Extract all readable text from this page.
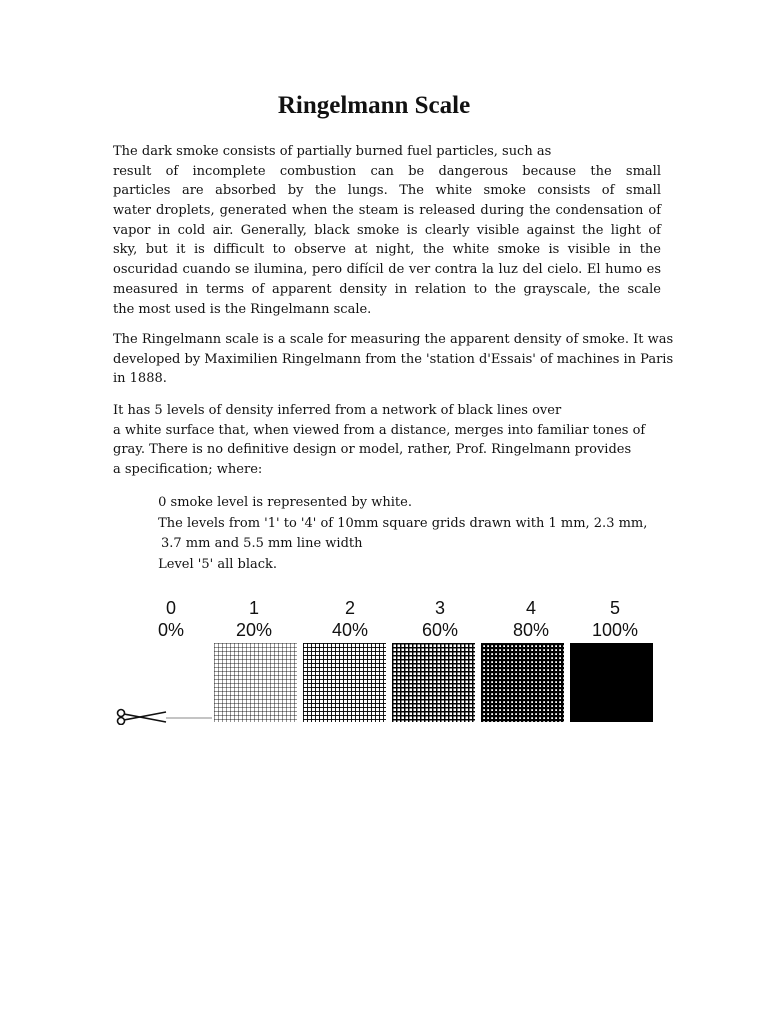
Ringelmann Scale

The dark smoke consists of partially burned fuel particles, such as
result of incomplete combustion can be dangerous because the small
particles are absorbed by the lungs. The white smoke consists of small
water droplets, generated when the steam is released during the condensation of
vapor in cold air. Generally, black smoke is clearly visible against the light of
sky, but it is difficult to observe at night, the white smoke is visible in the
oscuridad cuando se ilumina, pero difícil de ver contra la luz del cielo. El humo es
measured in terms of apparent density in relation to the grayscale, the scale
the most used is the Ringelmann scale.

The Ringelmann scale is a scale for measuring the apparent density of smoke. It was
developed by Maximilien Ringelmann from the 'station d'Essais' of machines in Paris
in 1888.

It has 5 levels of density inferred from a network of black lines over
a white surface that, when viewed from a distance, merges into familiar tones of
gray. There is no definitive design or model, rather, Prof. Ringelmann provides
a specification; where:

0 smoke level is represented by white.
The levels from '1' to '4' of 10mm square grids drawn with 1 mm, 2.3 mm,
3.7 mm and 5.5 mm line width
Level '5' all black.
0
0%
1
20%
2
40%
3
60%
4
80%
5
100%
